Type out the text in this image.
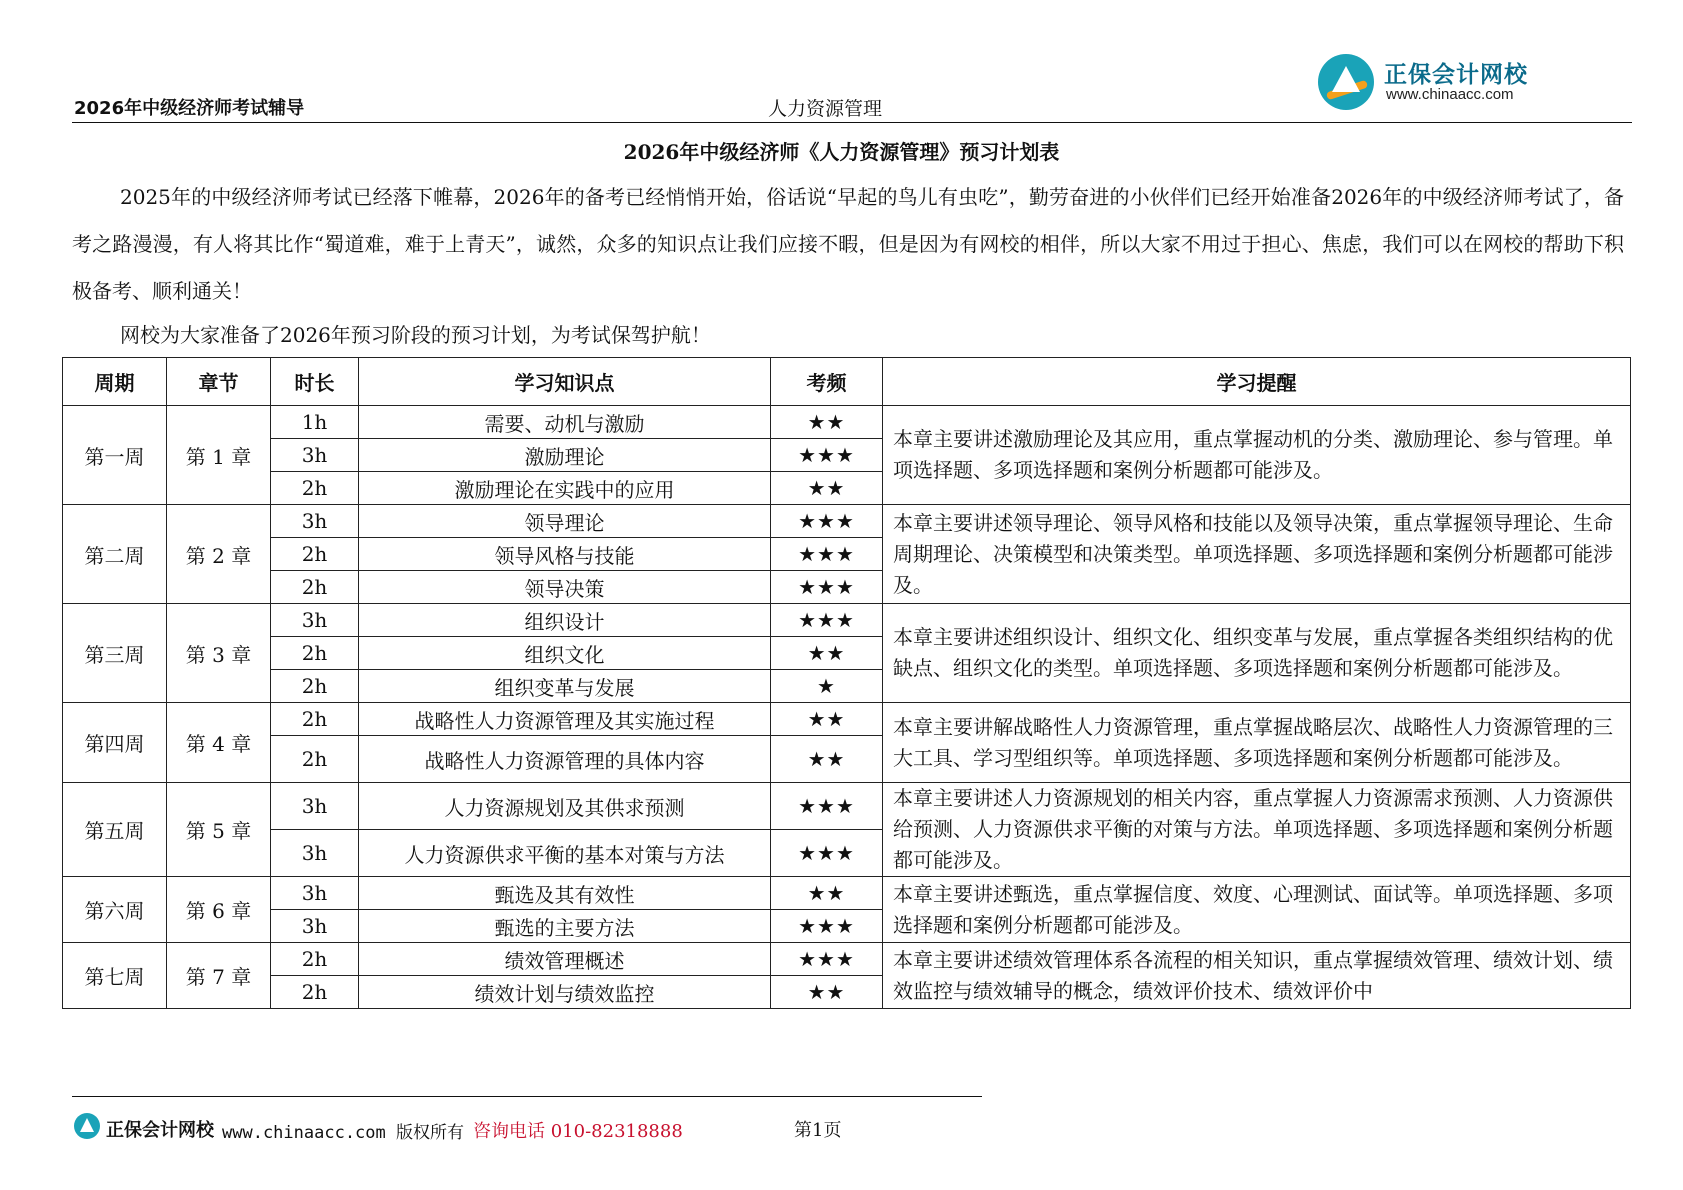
2026年中级经济师考试辅导	人力资源管理
正保会计网校
www.chinaacc.com
2026年中级经济师《人力资源管理》预习计划表

2025年的中级经济师考试已经落下帷幕，2026年的备考已经悄悄开始，俗话说“早起的鸟儿有虫吃”，勤劳奋进的小伙伴们已经开始准备2026年的中级经济师考试了，备考之路漫漫，有人将其比作“蜀道难，难于上青天”，诚然，众多的知识点让我们应接不暇，但是因为有网校的相伴，所以大家不用过于担心、焦虑，我们可以在网校的帮助下积极备考、顺利通关！

网校为大家准备了2026年预习阶段的预习计划，为考试保驾护航！

周期	章节	时长	学习知识点	考频	学习提醒
第一周	第 1 章	1h	需要、动机与激励	★★	本章主要讲述激励理论及其应用，重点掌握动机的分类、激励理论、参与管理。单项选择题、多项选择题和案例分析题都可能涉及。
		3h	激励理论	★★★	
		2h	激励理论在实践中的应用	★★	
第二周	第 2 章	3h	领导理论	★★★	本章主要讲述领导理论、领导风格和技能以及领导决策，重点掌握领导理论、生命周期理论、决策模型和决策类型。单项选择题、多项选择题和案例分析题都可能涉及。
		2h	领导风格与技能	★★★	
		2h	领导决策	★★★	
第三周	第 3 章	3h	组织设计	★★★	本章主要讲述组织设计、组织文化、组织变革与发展，重点掌握各类组织结构的优缺点、组织文化的类型。单项选择题、多项选择题和案例分析题都可能涉及。
		2h	组织文化	★★	
		2h	组织变革与发展	★	
第四周	第 4 章	2h	战略性人力资源管理及其实施过程	★★	本章主要讲解战略性人力资源管理，重点掌握战略层次、战略性人力资源管理的三大工具、学习型组织等。单项选择题、多项选择题和案例分析题都可能涉及。
		2h	战略性人力资源管理的具体内容	★★	
第五周	第 5 章	3h	人力资源规划及其供求预测	★★★	本章主要讲述人力资源规划的相关内容，重点掌握人力资源需求预测、人力资源供给预测、人力资源供求平衡的对策与方法。单项选择题、多项选择题和案例分析题都可能涉及。
		3h	人力资源供求平衡的基本对策与方法	★★★	
第六周	第 6 章	3h	甄选及其有效性	★★	本章主要讲述甄选，重点掌握信度、效度、心理测试、面试等。单项选择题、多项选择题和案例分析题都可能涉及。
		3h	甄选的主要方法	★★★	
第七周	第 7 章	2h	绩效管理概述	★★★	本章主要讲述绩效管理体系各流程的相关知识，重点掌握绩效管理、绩效计划、绩效监控与绩效辅导的概念，绩效评价技术、绩效评价中
		2h	绩效计划与绩效监控	★★	
正保会计网校 www.chinaacc.com 版权所有 咨询电话 010-82318888	第1页
